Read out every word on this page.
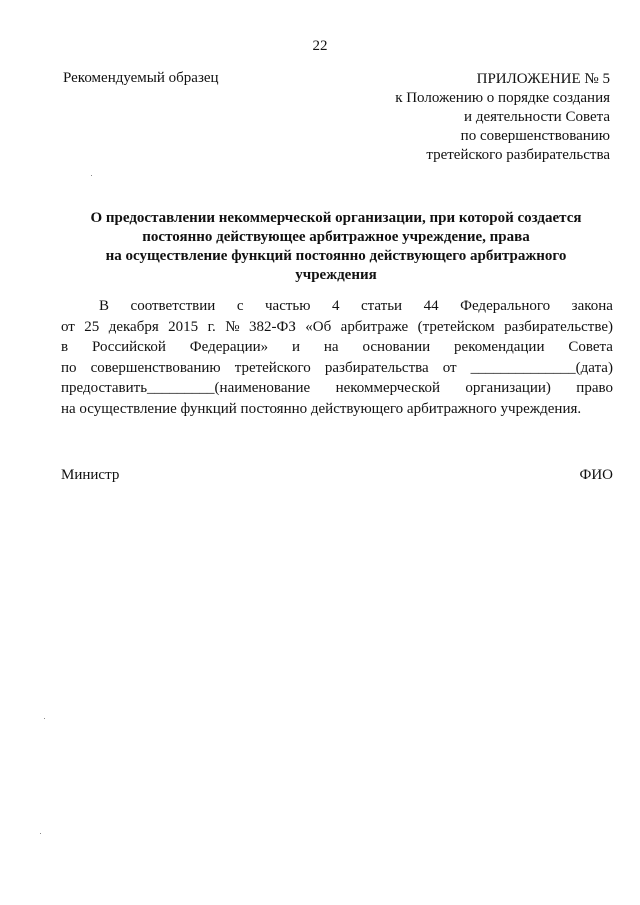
22
Рекомендуемый образец	ПРИЛОЖЕНИЕ № 5
к Положению о порядке создания
и деятельности Совета
по совершенствованию
третейского разбирательства
О предоставлении некоммерческой организации, при которой создается
постоянно действующее арбитражное учреждение, права
на осуществление функций постоянно действующего арбитражного
учреждения
В соответствии с частью 4 статьи 44 Федерального закона
от 25 декабря 2015 г. № 382-ФЗ «Об арбитраже (третейском разбирательстве)
в Российской Федерации» и на основании рекомендации Совета
по совершенствованию третейского разбирательства от ______________(дата)
предоставить_________(наименование некоммерческой организации) право
на осуществление функций постоянно действующего арбитражного учреждения.
Министр	ФИО
